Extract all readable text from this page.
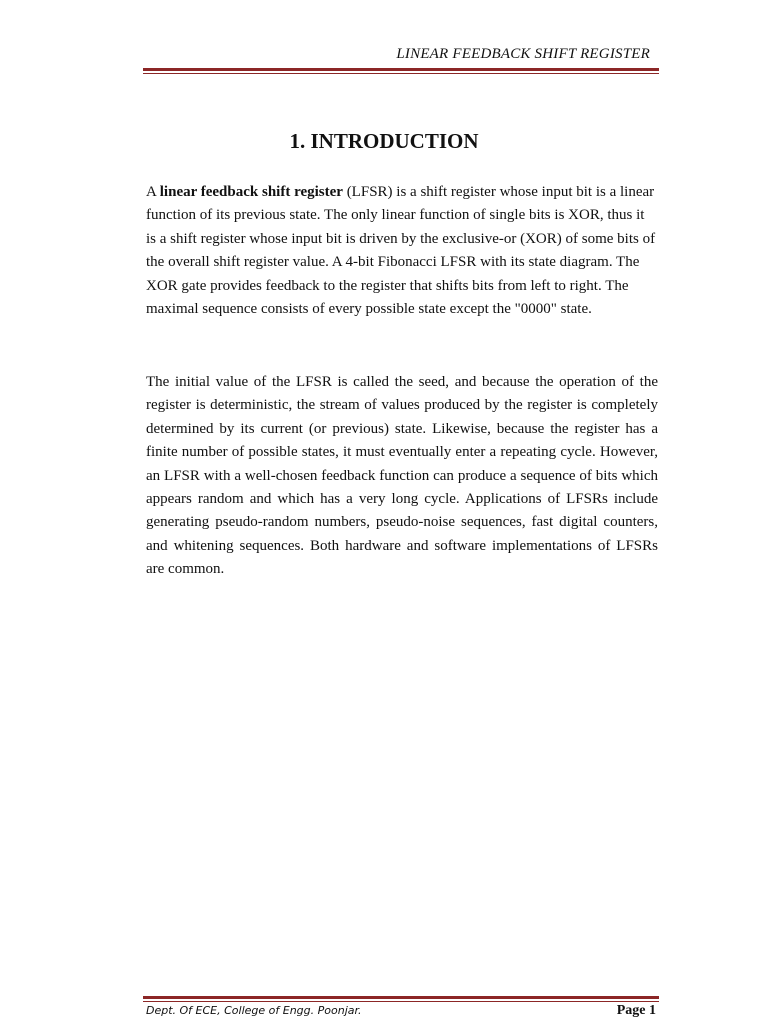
LINEAR FEEDBACK SHIFT REGISTER
1. INTRODUCTION

A linear feedback shift register (LFSR) is a shift register whose input bit is a linear function of its previous state. The only linear function of single bits is XOR, thus it is a shift register whose input bit is driven by the exclusive-or (XOR) of some bits of the overall shift register value. A 4-bit Fibonacci LFSR with its state diagram. The XOR gate provides feedback to the register that shifts bits from left to right. The maximal sequence consists of every possible state except the "0000" state.

The initial value of the LFSR is called the seed, and because the operation of the register is deterministic, the stream of values produced by the register is completely determined by its current (or previous) state. Likewise, because the register has a finite number of possible states, it must eventually enter a repeating cycle. However, an LFSR with a well-chosen feedback function can produce a sequence of bits which appears random and which has a very long cycle. Applications of LFSRs include generating pseudo-random numbers, pseudo-noise sequences, fast digital counters, and whitening sequences. Both hardware and software implementations of LFSRs are common.

Dept. Of ECE, College of Engg. Poonjar.	Page 1
